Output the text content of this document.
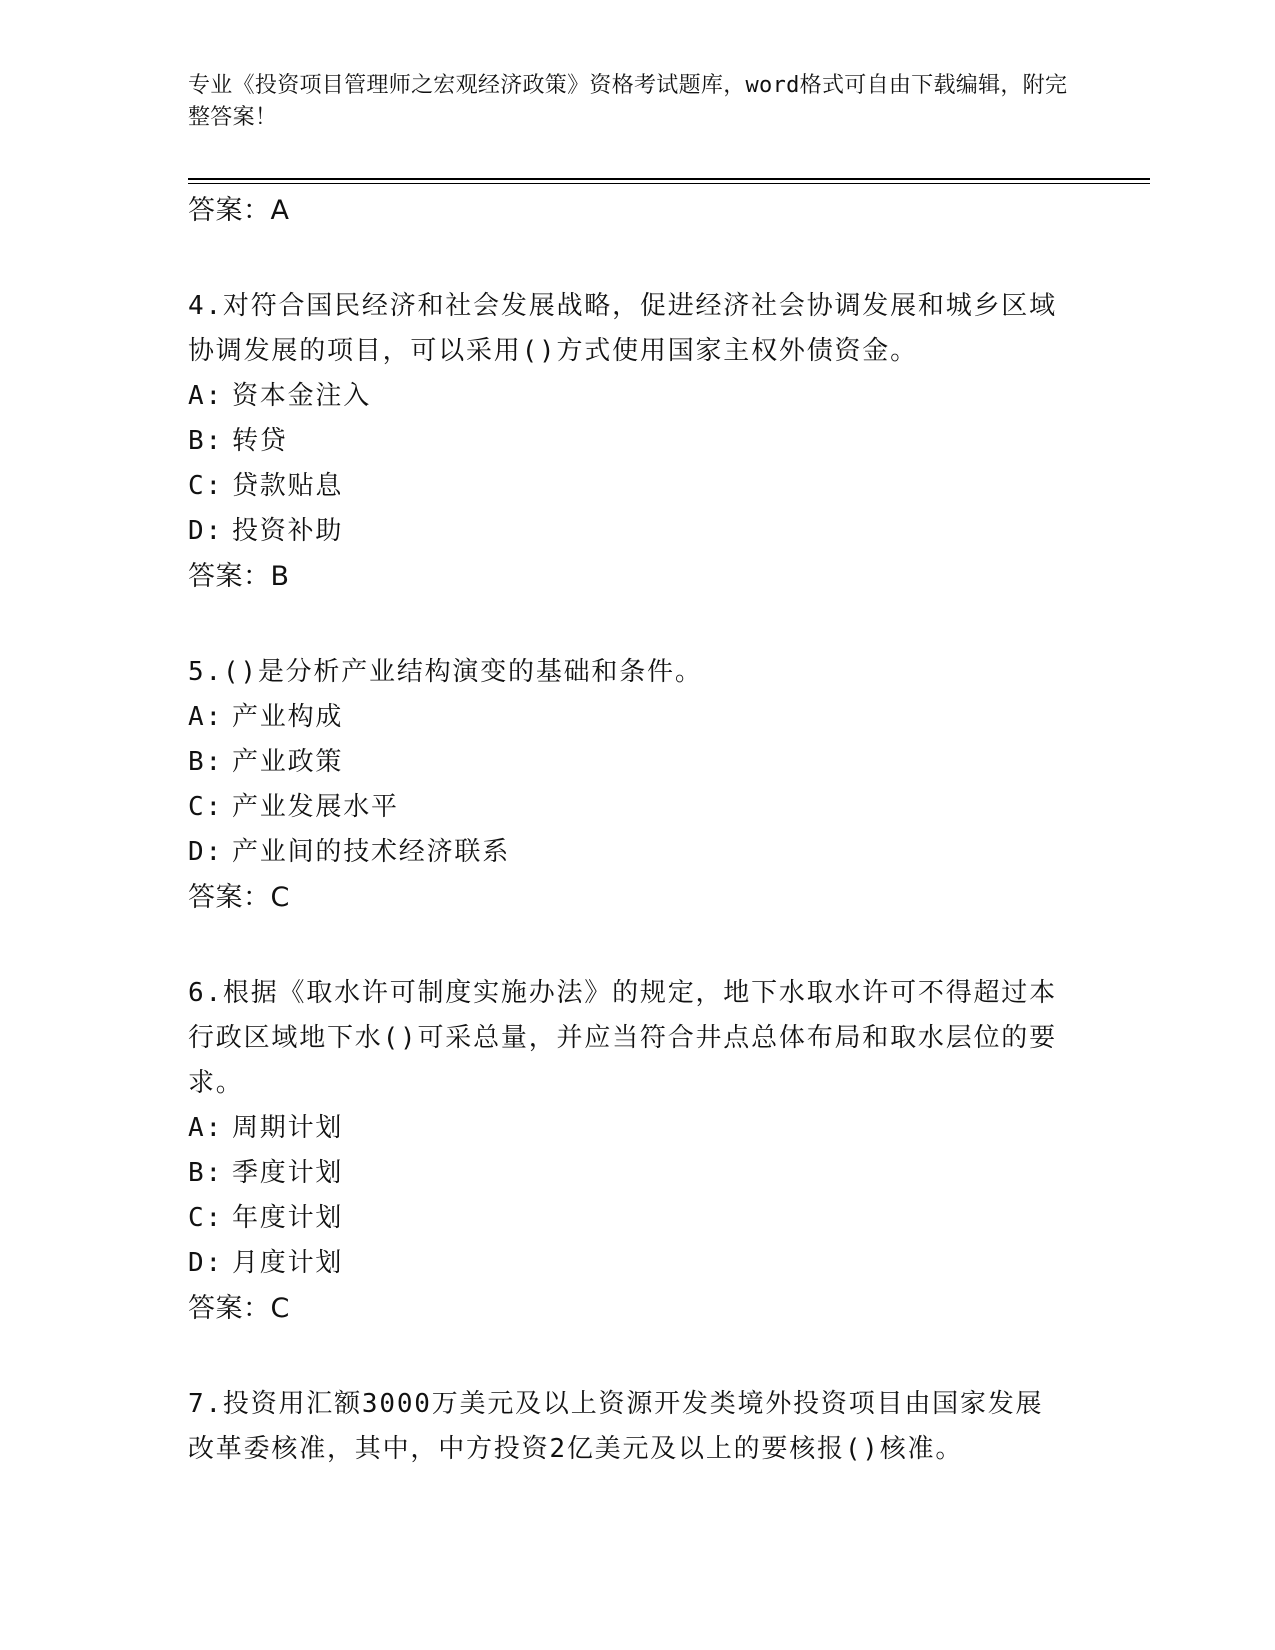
专业《投资项目管理师之宏观经济政策》资格考试题库，word格式可自由下载编辑，附完整答案！
答案：A
4.对符合国民经济和社会发展战略，促进经济社会协调发展和城乡区域协调发展的项目，可以采用()方式使用国家主权外债资金。
A: 资本金注入
B: 转贷
C: 贷款贴息
D: 投资补助
答案：B
5.()是分析产业结构演变的基础和条件。
A: 产业构成
B: 产业政策
C: 产业发展水平
D: 产业间的技术经济联系
答案：C
6.根据《取水许可制度实施办法》的规定，地下水取水许可不得超过本行政区域地下水()可采总量，并应当符合井点总体布局和取水层位的要求。
A: 周期计划
B: 季度计划
C: 年度计划
D: 月度计划
答案：C
7.投资用汇额3000万美元及以上资源开发类境外投资项目由国家发展改革委核准，其中，中方投资2亿美元及以上的要核报()核准。
